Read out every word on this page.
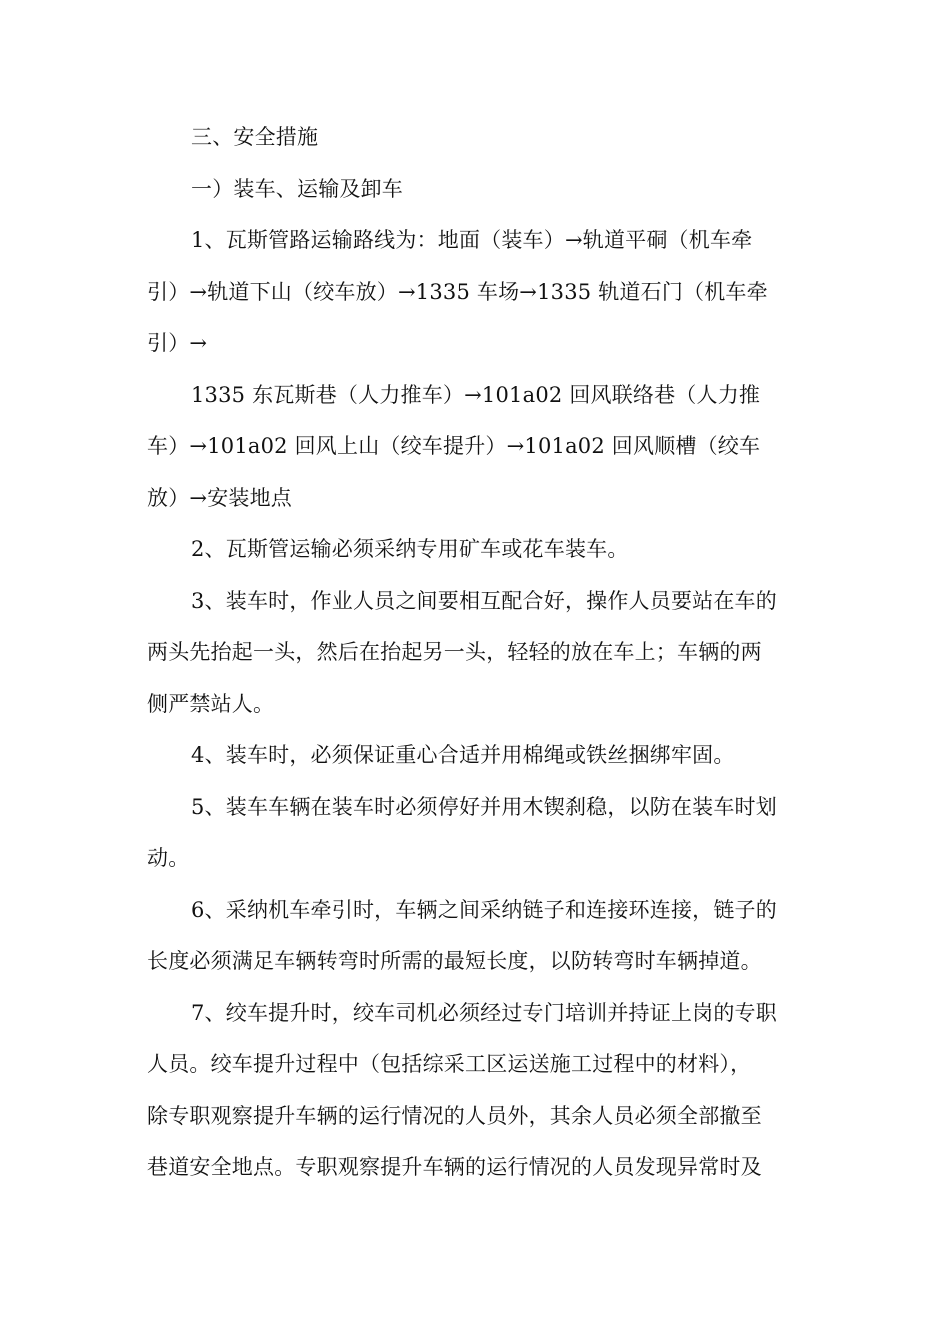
三、安全措施
一）装车、运输及卸车
1、瓦斯管路运输路线为：地面（装车）→轨道平硐（机车牵
引）→轨道下山（绞车放）→1335 车场→1335 轨道石门（机车牵
引）→
1335 东瓦斯巷（人力推车）→101a02 回风联络巷（人力推
车）→101a02 回风上山（绞车提升）→101a02 回风顺槽（绞车
放）→安装地点
2、瓦斯管运输必须采纳专用矿车或花车装车。
3、装车时，作业人员之间要相互配合好，操作人员要站在车的
两头先抬起一头，然后在抬起另一头，轻轻的放在车上；车辆的两
侧严禁站人。
4、装车时，必须保证重心合适并用棉绳或铁丝捆绑牢固。
5、装车车辆在装车时必须停好并用木锲刹稳，以防在装车时划
动。
6、采纳机车牵引时，车辆之间采纳链子和连接环连接，链子的
长度必须满足车辆转弯时所需的最短长度，以防转弯时车辆掉道。
7、绞车提升时，绞车司机必须经过专门培训并持证上岗的专职
人员。绞车提升过程中（包括综采工区运送施工过程中的材料），
除专职观察提升车辆的运行情况的人员外，其余人员必须全部撤至
巷道安全地点。专职观察提升车辆的运行情况的人员发现异常时及
